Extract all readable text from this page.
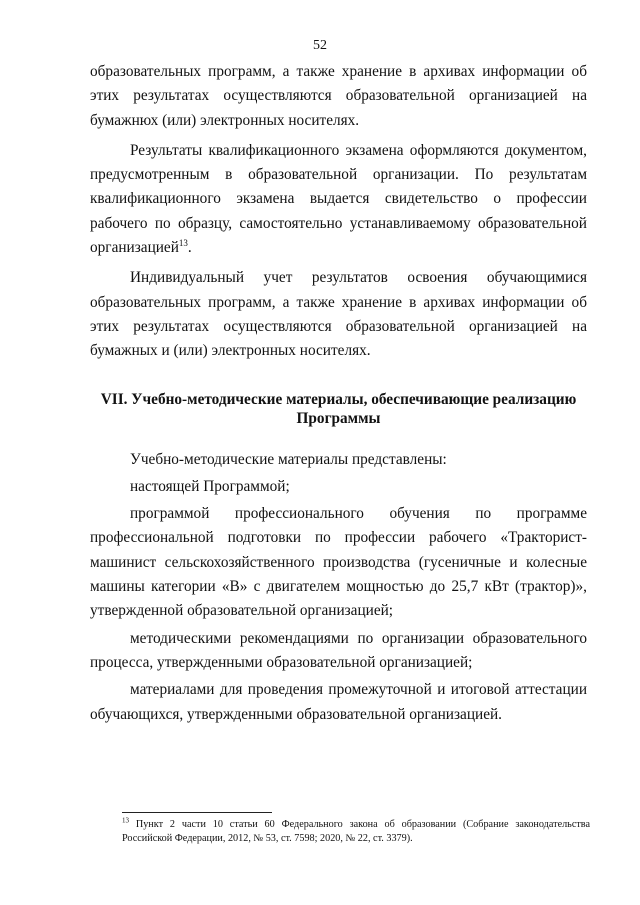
52

образовательных программ, а также хранение в архивах информации об этих результатах осуществляются образовательной организацией на бумажнюх (или) электронных носителях.

Результаты квалификационного экзамена оформляются документом, предусмотренным в образовательной организации. По результатам квалификационного экзамена выдается свидетельство о профессии рабочего по образцу, самостоятельно устанавливаемому образовательной организацией$^{13}$.

Индивидуальный учет результатов освоения обучающимися образовательных программ, а также хранение в архивах информации об этих результатах осуществляются образовательной организацией на бумажных и (или) электронных носителях.

VII. Учебно-методические материалы, обеспечивающие реализацию
Программы

Учебно-методические материалы представлены:

настоящей Программой;

программой профессионального обучения по программе профессиональной подготовки по профессии рабочего «Тракторист-машинист сельскохозяйственного производства (гусеничные и колесные машины категории «В» с двигателем мощностью до 25,7 кВт (трактор)», утвержденной образовательной организацией;

методическими рекомендациями по организации образовательного процесса, утвержденными образовательной организацией;

материалами для проведения промежуточной и итоговой аттестации обучающихся, утвержденными образовательной организацией.

$^{13}$ Пункт 2 части 10 статьи 60 Федерального закона об образовании (Собрание законодательства Российской Федерации, 2012, № 53, ст. 7598; 2020, № 22, ст. 3379).
